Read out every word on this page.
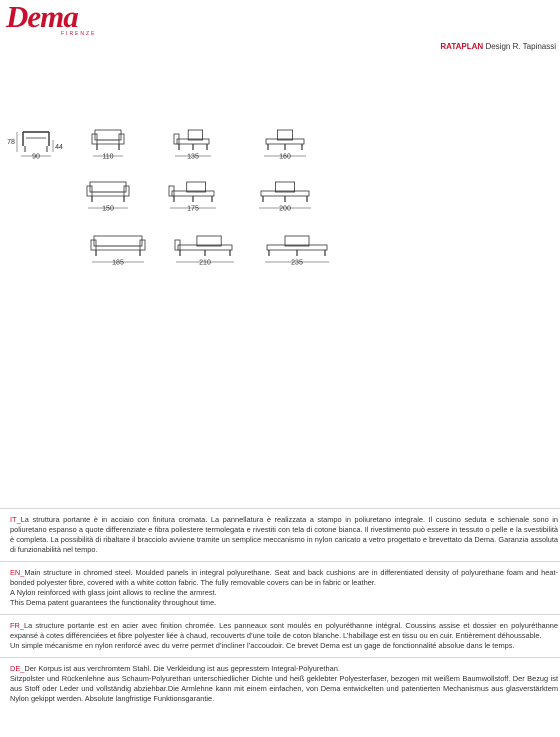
Dema
FIRENZE
RATAPLAN Design R. Tapinassi
78
44
90	110	135	160
150	175	200
185	210	235

IT_La struttura portante è in acciaio con finitura cromata. La pannellatura è realizzata a stampo in poliuretano integrale. Il cuscino seduta e schienale sono in poliuretano espanso a quote differenziate e fibra poliestere termolegata e rivestiti con tela di cotone bianca. Il rivestimento può essere in tessuto o pelle e la svestibilità è completa. La possibilità di ribaltare il bracciolo avviene tramite un semplice meccanismo in nylon caricato a vetro progettato e brevettato da Dema. Garanzia assoluta di funzionabilità nel tempo.

EN_Main structure in chromed steel. Moulded panels in integral polyurethane. Seat and back cushions are in differentiated density of polyurethane foam and heat-bonded polyester fibre, covered with a white cotton fabric. The fully removable covers can be in fabric or leather.

A Nylon reinforced with glass joint allows to recline the armrest.

This Dema patent guarantees the functionality throughout time.

FR_La structure portante est en acier avec finition chromée. Les panneaux sont moulés en polyuréthanne intégral. Coussins assise et dossier en polyuréthanne expansé à cotes différenciées et fibre polyester liée à chaud, recouverts d’une toile de coton blanche. L’habillage est en tissu ou en cuir. Entièrement déhoussable.

Un simple mécanisme en nylon renforcé avec du verre permet d’incliner l’accoudoir. Ce brevet Dema est un gage de fonctionnalité absolue dans le temps.

DE_Der Korpus ist aus verchromtem Stahl. Die Verkleidung ist aus gepresstem Integral-Polyurethan.

Sitzpolster und Rückenlehne aus Schaum-Polyurethan unterschiedlicher Dichte und heiß geklebter Polyesterfaser, bezogen mit weißem Baumwollstoff. Der Bezug ist aus Stoff oder Leder und vollständig abziehbar.Die Armlehne kann mit einem einfachen, von Dema entwickelten und patentierten Mechanismus aus glasverstärktem Nylon gekippt werden. Absolute langfristige Funktionsgarantie.
